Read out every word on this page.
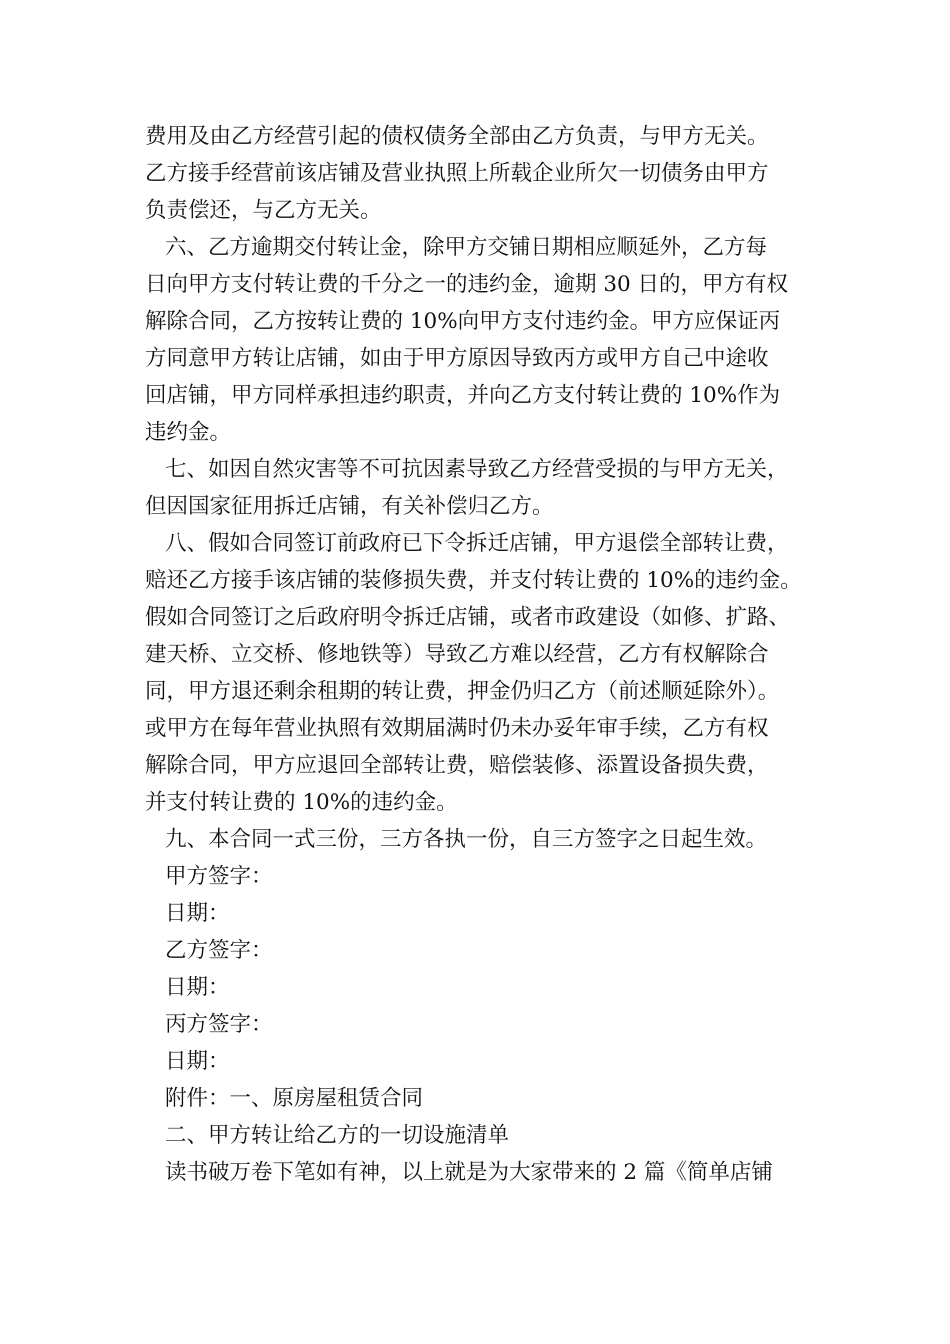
费用及由乙方经营引起的债权债务全部由乙方负责，与甲方无关。
乙方接手经营前该店铺及营业执照上所载企业所欠一切债务由甲方
负责偿还，与乙方无关。
六、乙方逾期交付转让金，除甲方交铺日期相应顺延外，乙方每
日向甲方支付转让费的千分之一的违约金，逾期 30 日的，甲方有权
解除合同，乙方按转让费的 10%向甲方支付违约金。甲方应保证丙
方同意甲方转让店铺，如由于甲方原因导致丙方或甲方自己中途收
回店铺，甲方同样承担违约职责，并向乙方支付转让费的 10%作为
违约金。
七、如因自然灾害等不可抗因素导致乙方经营受损的与甲方无关，
但因国家征用拆迁店铺，有关补偿归乙方。
八、假如合同签订前政府已下令拆迁店铺，甲方退偿全部转让费，
赔还乙方接手该店铺的装修损失费，并支付转让费的 10%的违约金。
假如合同签订之后政府明令拆迁店铺，或者市政建设（如修、扩路、
建天桥、立交桥、修地铁等）导致乙方难以经营，乙方有权解除合
同，甲方退还剩余租期的转让费，押金仍归乙方（前述顺延除外）。
或甲方在每年营业执照有效期届满时仍未办妥年审手续，乙方有权
解除合同，甲方应退回全部转让费，赔偿装修、添置设备损失费，
并支付转让费的 10%的违约金。
九、本合同一式三份，三方各执一份，自三方签字之日起生效。
甲方签字：
日期：
乙方签字：
日期：
丙方签字：
日期：
附件：一、原房屋租赁合同
二、甲方转让给乙方的一切设施清单
读书破万卷下笔如有神，以上就是为大家带来的 2 篇《简单店铺
